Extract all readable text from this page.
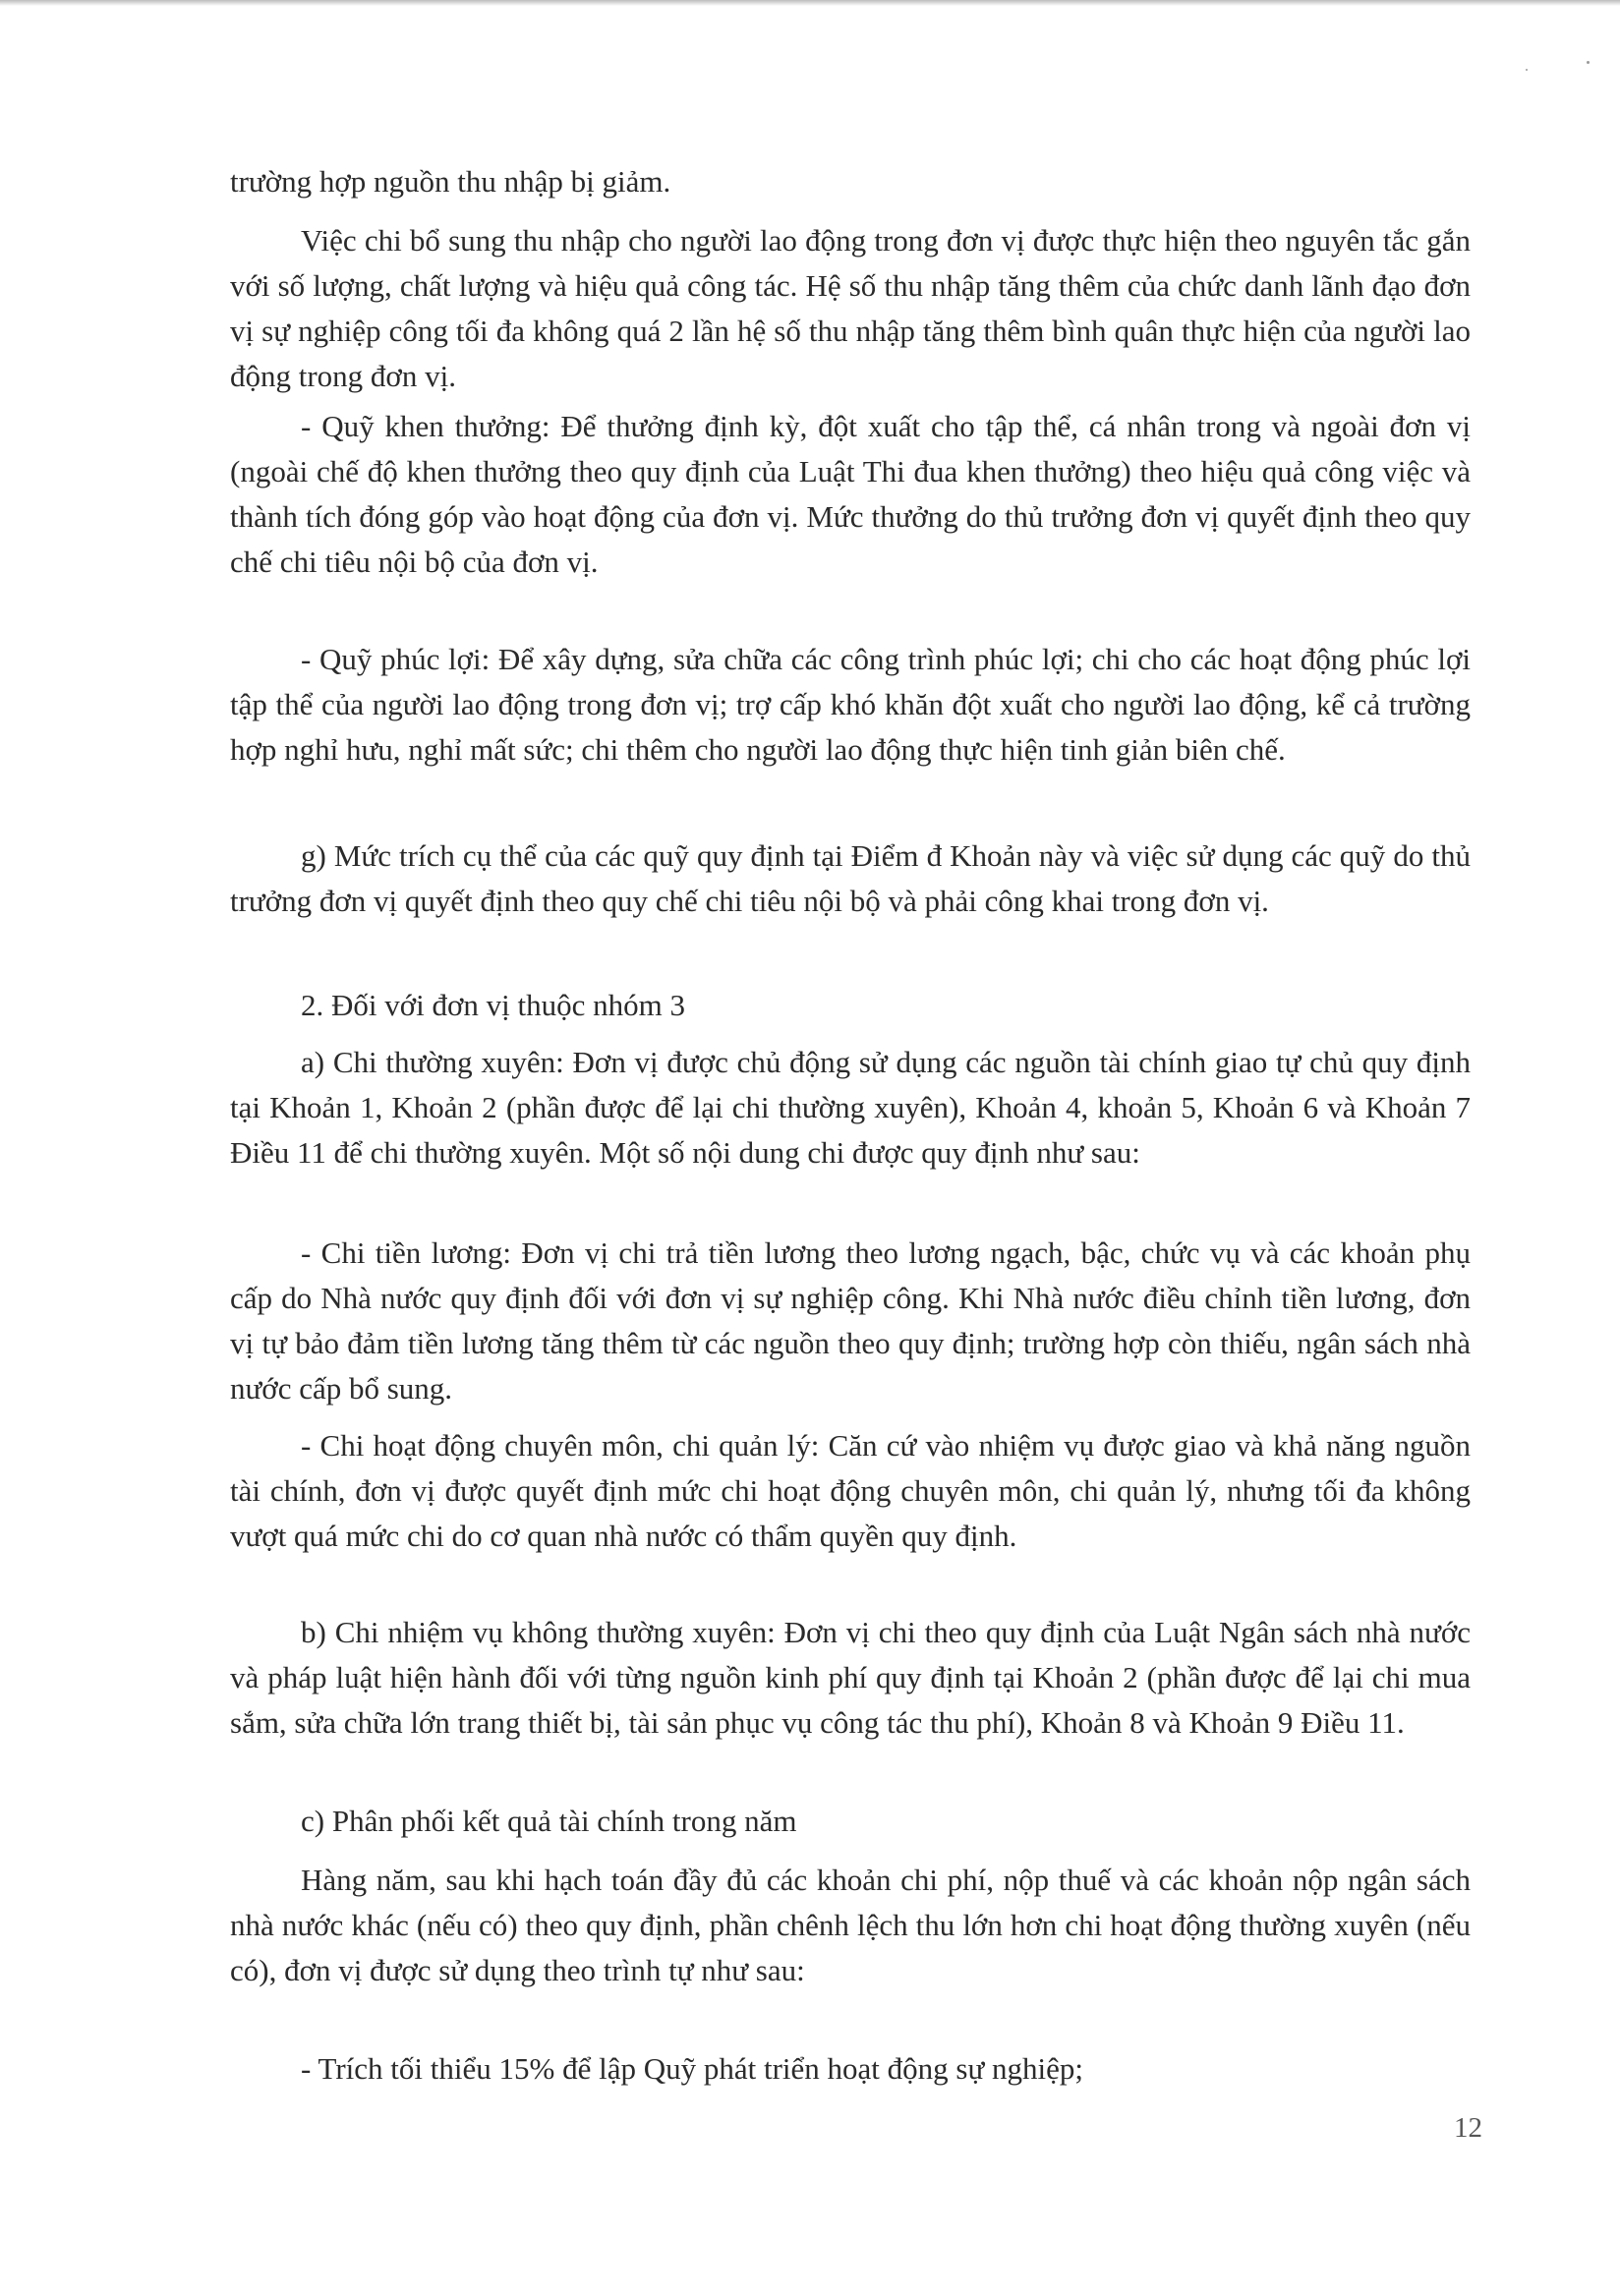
trường hợp nguồn thu nhập bị giảm.

Việc chi bổ sung thu nhập cho người lao động trong đơn vị được thực hiện theo nguyên tắc gắn với số lượng, chất lượng và hiệu quả công tác. Hệ số thu nhập tăng thêm của chức danh lãnh đạo đơn vị sự nghiệp công tối đa không quá 2 lần hệ số thu nhập tăng thêm bình quân thực hiện của người lao động trong đơn vị.

- Quỹ khen thưởng: Để thưởng định kỳ, đột xuất cho tập thể, cá nhân trong và ngoài đơn vị (ngoài chế độ khen thưởng theo quy định của Luật Thi đua khen thưởng) theo hiệu quả công việc và thành tích đóng góp vào hoạt động của đơn vị. Mức thưởng do thủ trưởng đơn vị quyết định theo quy chế chi tiêu nội bộ của đơn vị.

- Quỹ phúc lợi: Để xây dựng, sửa chữa các công trình phúc lợi; chi cho các hoạt động phúc lợi tập thể của người lao động trong đơn vị; trợ cấp khó khăn đột xuất cho người lao động, kể cả trường hợp nghỉ hưu, nghỉ mất sức; chi thêm cho người lao động thực hiện tinh giản biên chế.

g) Mức trích cụ thể của các quỹ quy định tại Điểm đ Khoản này và việc sử dụng các quỹ do thủ trưởng đơn vị quyết định theo quy chế chi tiêu nội bộ và phải công khai trong đơn vị.

2. Đối với đơn vị thuộc nhóm 3

a) Chi thường xuyên: Đơn vị được chủ động sử dụng các nguồn tài chính giao tự chủ quy định tại Khoản 1, Khoản 2 (phần được để lại chi thường xuyên), Khoản 4, khoản 5, Khoản 6 và Khoản 7 Điều 11 để chi thường xuyên. Một số nội dung chi được quy định như sau:

- Chi tiền lương: Đơn vị chi trả tiền lương theo lương ngạch, bậc, chức vụ và các khoản phụ cấp do Nhà nước quy định đối với đơn vị sự nghiệp công. Khi Nhà nước điều chỉnh tiền lương, đơn vị tự bảo đảm tiền lương tăng thêm từ các nguồn theo quy định; trường hợp còn thiếu, ngân sách nhà nước cấp bổ sung.

- Chi hoạt động chuyên môn, chi quản lý: Căn cứ vào nhiệm vụ được giao và khả năng nguồn tài chính, đơn vị được quyết định mức chi hoạt động chuyên môn, chi quản lý, nhưng tối đa không vượt quá mức chi do cơ quan nhà nước có thẩm quyền quy định.

b) Chi nhiệm vụ không thường xuyên: Đơn vị chi theo quy định của Luật Ngân sách nhà nước và pháp luật hiện hành đối với từng nguồn kinh phí quy định tại Khoản 2 (phần được để lại chi mua sắm, sửa chữa lớn trang thiết bị, tài sản phục vụ công tác thu phí), Khoản 8 và Khoản 9 Điều 11.

c) Phân phối kết quả tài chính trong năm

Hàng năm, sau khi hạch toán đầy đủ các khoản chi phí, nộp thuế và các khoản nộp ngân sách nhà nước khác (nếu có) theo quy định, phần chênh lệch thu lớn hơn chi hoạt động thường xuyên (nếu có), đơn vị được sử dụng theo trình tự như sau:

- Trích tối thiểu 15% để lập Quỹ phát triển hoạt động sự nghiệp;

12
